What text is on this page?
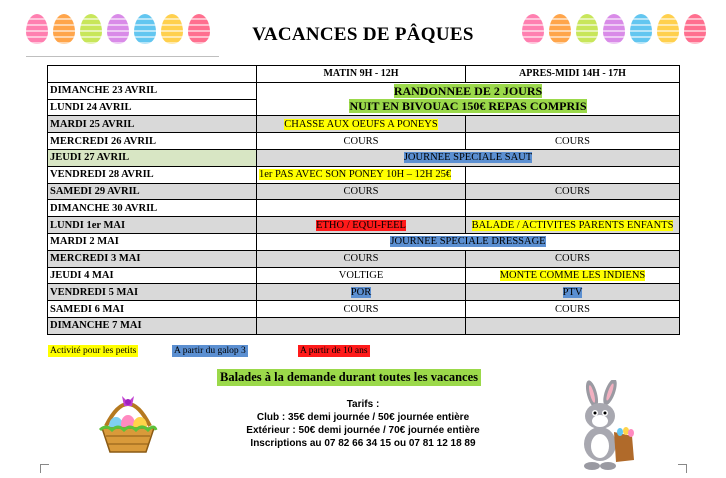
VACANCES DE PÂQUES
	MATIN 9H - 12H	APRES-MIDI 14H - 17H
DIMANCHE 23 AVRIL	RANDONNEE DE 2 JOURS
NUIT EN BIVOUAC 150€ REPAS COMPRIS	
LUNDI 24 AVRIL		
MARDI 25 AVRIL	CHASSE AUX OEUFS A PONEYS	
MERCREDI 26 AVRIL	COURS	COURS
JEUDI 27 AVRIL	JOURNEE SPECIALE SAUT	
VENDREDI 28 AVRIL	1er PAS AVEC SON PONEY 10H – 12H 25€	
SAMEDI 29 AVRIL	COURS	COURS
DIMANCHE 30 AVRIL		
LUNDI 1er MAI	ETHO / EQUI-FEEL	BALADE / ACTIVITES PARENTS ENFANTS
MARDI 2 MAI	JOURNEE SPECIALE DRESSAGE	
MERCREDI 3 MAI	COURS	COURS
JEUDI 4 MAI	VOLTIGE	MONTE COMME LES INDIENS
VENDREDI 5 MAI	POR	PTV
SAMEDI 6 MAI	COURS	COURS
DIMANCHE 7 MAI		
Activité pour les petits	A partir du galop 3	A partir de 10 ans
Balades à la demande durant toutes les vacances
Tarifs :
Club : 35€ demi journée / 50€ journée entière
Extérieur : 50€ demi journée / 70€ journée entière
Inscriptions au 07 82 66 34 15 ou 07 81 12 18 89
